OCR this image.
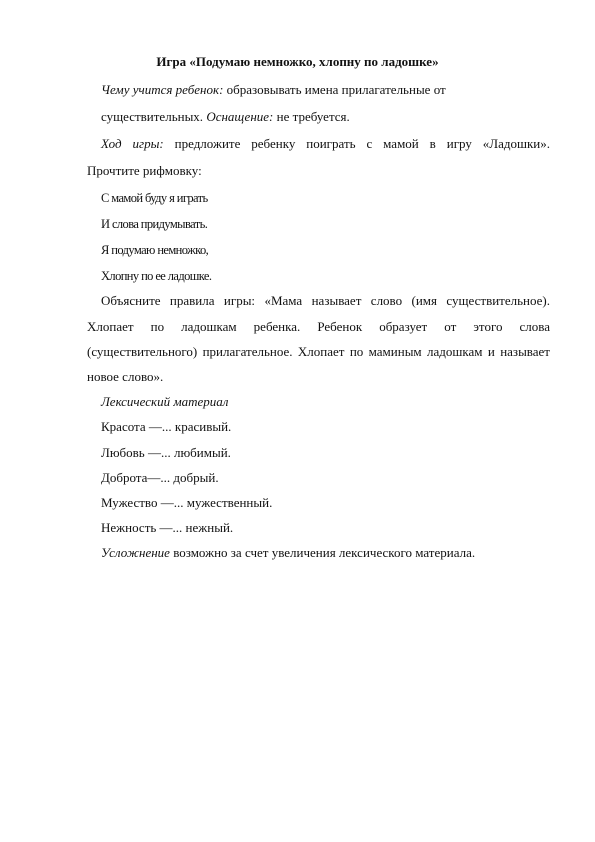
Игра «Подумаю немножко, хлопну по ладошке»
Чему учится ребенок: образовывать имена прилагательные от
существительных. Оснащение: не требуется.
Ход игры: предложите ребенку поиграть с мамой в игру «Ладошки».
Прочтите рифмовку:
С мамой буду я играть
И слова придумывать.
Я подумаю немножко,
Хлопну по ее ладошке.
Объясните правила игры: «Мама называет слово (имя существительное).
Хлопает по ладошкам ребенка. Ребенок образует от этого слова
(существительного) прилагательное. Хлопает по маминым ладошкам и называет
новое слово».
Лексический материал
Красота —... красивый.
Любовь —... любимый.
Доброта—... добрый.
Мужество —... мужественный.
Нежность —... нежный.
Усложнение возможно за счет увеличения лексического материала.
